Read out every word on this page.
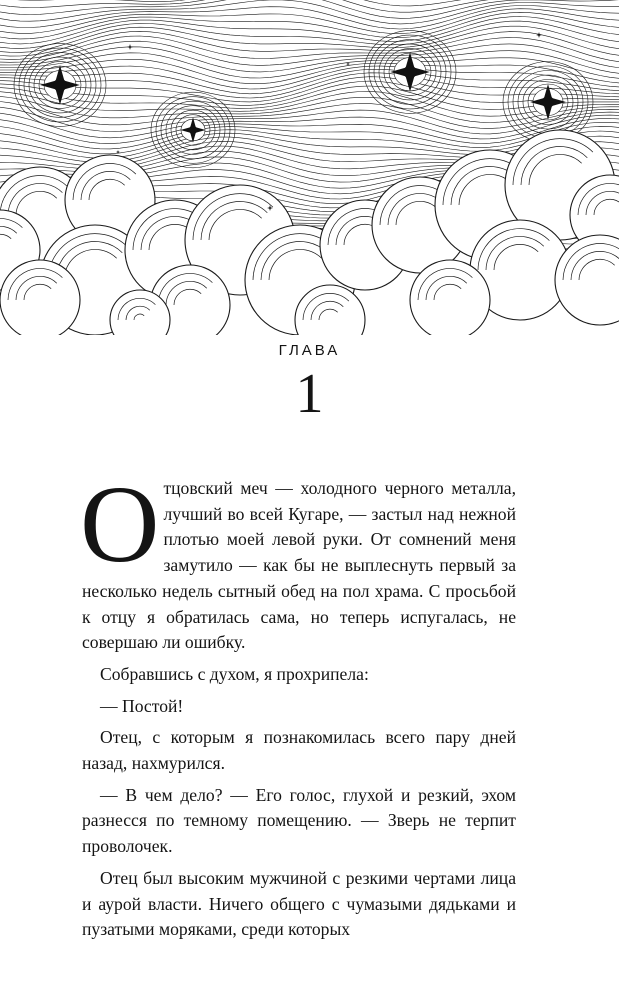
ГЛАВА
1

Отцовский меч — холодного черного металла, лучший во всей Кугаре, — застыл над нежной плотью моей левой руки. От сомнений меня замутило — как бы не выплеснуть первый за несколько недель сытный обед на пол храма. С просьбой к отцу я обратилась сама, но теперь испугалась, не совершаю ли ошибку.

Собравшись с духом, я прохрипела:

— Постой!

Отец, с которым я познакомилась всего пару дней назад, нахмурился.

— В чем дело? — Его голос, глухой и резкий, эхом разнесся по темному помещению. — Зверь не терпит проволочек.

Отец был высоким мужчиной с резкими чертами лица и аурой власти. Ничего общего с чумазыми дядьками и пузатыми моряками, среди которых
